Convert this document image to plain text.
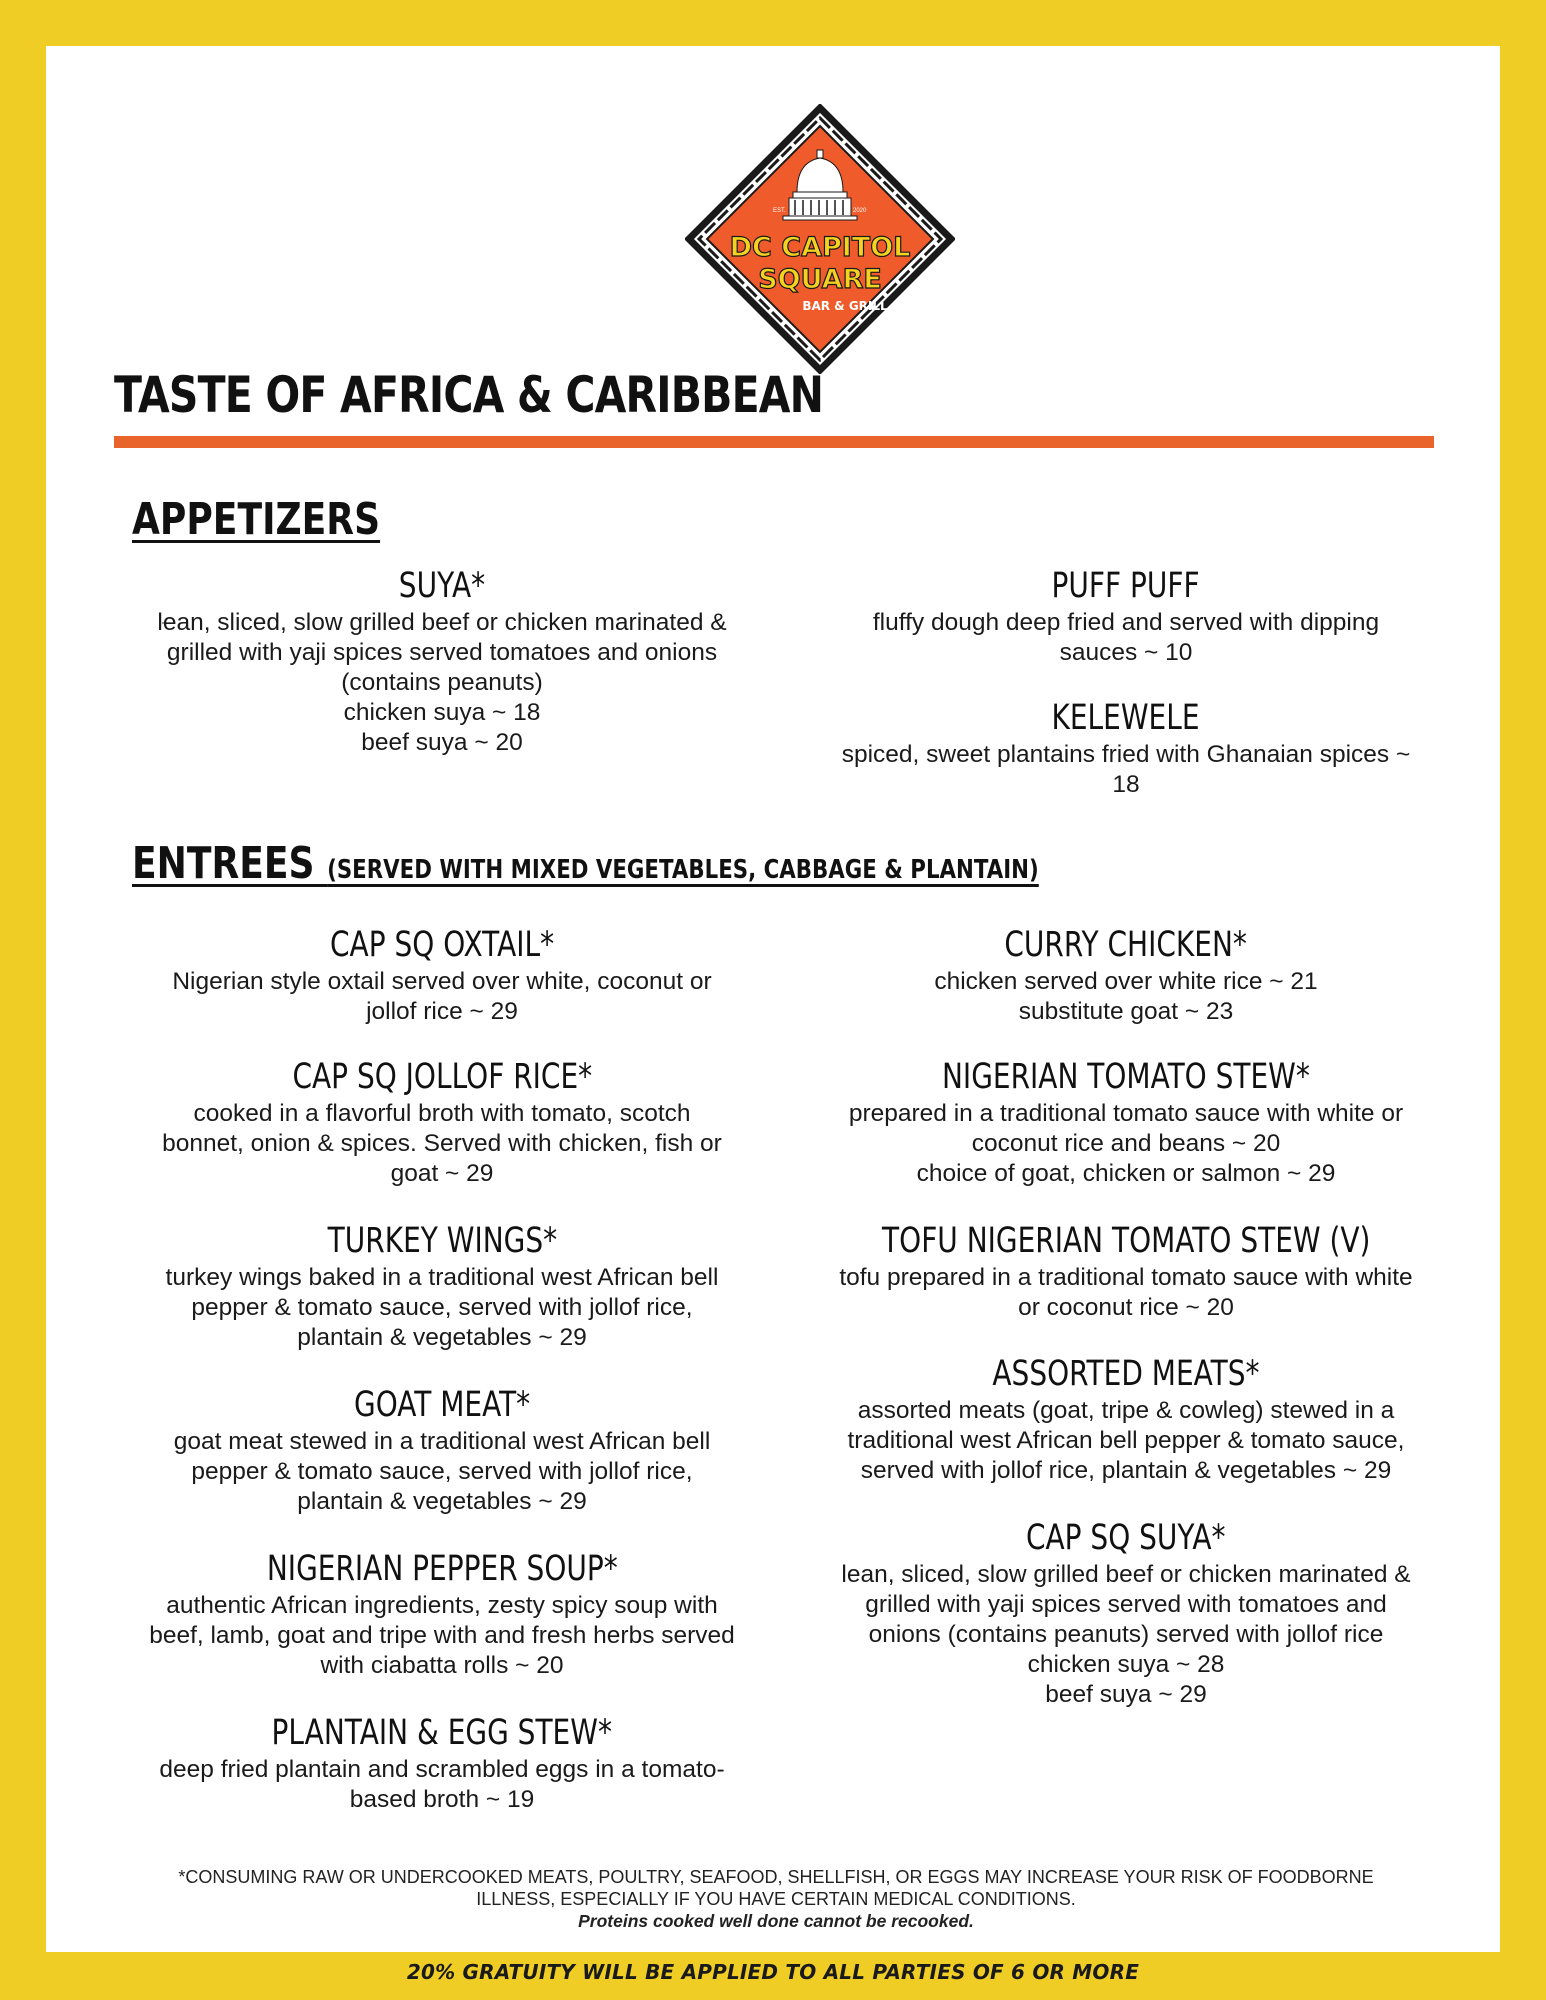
EST.	2020
DC CAPITOL
SQUARE
BAR & GRILL
TASTE OF AFRICA & CARIBBEAN
APPETIZERS
SUYA*
lean, sliced, slow grilled beef or chicken marinated &
grilled with yaji spices served tomatoes and onions
(contains peanuts)
chicken suya ~ 18
beef suya ~ 20
PUFF PUFF
fluffy dough deep fried and served with dipping
sauces ~ 10
KELEWELE
spiced, sweet plantains fried with Ghanaian spices ~
18
ENTREES (SERVED WITH MIXED VEGETABLES, CABBAGE & PLANTAIN)
CAP SQ OXTAIL*
Nigerian style oxtail served over white, coconut or
jollof rice ~ 29
CAP SQ JOLLOF RICE*
cooked in a flavorful broth with tomato, scotch
bonnet, onion & spices. Served with chicken, fish or
goat ~ 29
TURKEY WINGS*
turkey wings baked in a traditional west African bell
pepper & tomato sauce, served with jollof rice,
plantain & vegetables ~ 29
GOAT MEAT*
goat meat stewed in a traditional west African bell
pepper & tomato sauce, served with jollof rice,
plantain & vegetables ~ 29
NIGERIAN PEPPER SOUP*
authentic African ingredients, zesty spicy soup with
beef, lamb, goat and tripe with and fresh herbs served
with ciabatta rolls ~ 20
PLANTAIN & EGG STEW*
deep fried plantain and scrambled eggs in a tomato-
based broth ~ 19
CURRY CHICKEN*
chicken served over white rice ~ 21
substitute goat ~ 23
NIGERIAN TOMATO STEW*
prepared in a traditional tomato sauce with white or
coconut rice and beans ~ 20
choice of goat, chicken or salmon ~ 29
TOFU NIGERIAN TOMATO STEW (V)
tofu prepared in a traditional tomato sauce with white
or coconut rice ~ 20
ASSORTED MEATS*
assorted meats (goat, tripe & cowleg) stewed in a
traditional west African bell pepper & tomato sauce,
served with jollof rice, plantain & vegetables ~ 29
CAP SQ SUYA*
lean, sliced, slow grilled beef or chicken marinated &
grilled with yaji spices served with tomatoes and
onions (contains peanuts) served with jollof rice
chicken suya ~ 28
beef suya ~ 29
*CONSUMING RAW OR UNDERCOOKED MEATS, POULTRY, SEAFOOD, SHELLFISH, OR EGGS MAY INCREASE YOUR RISK OF FOODBORNE
ILLNESS, ESPECIALLY IF YOU HAVE CERTAIN MEDICAL CONDITIONS.
Proteins cooked well done cannot be recooked.
20% GRATUITY WILL BE APPLIED TO ALL PARTIES OF 6 OR MORE
